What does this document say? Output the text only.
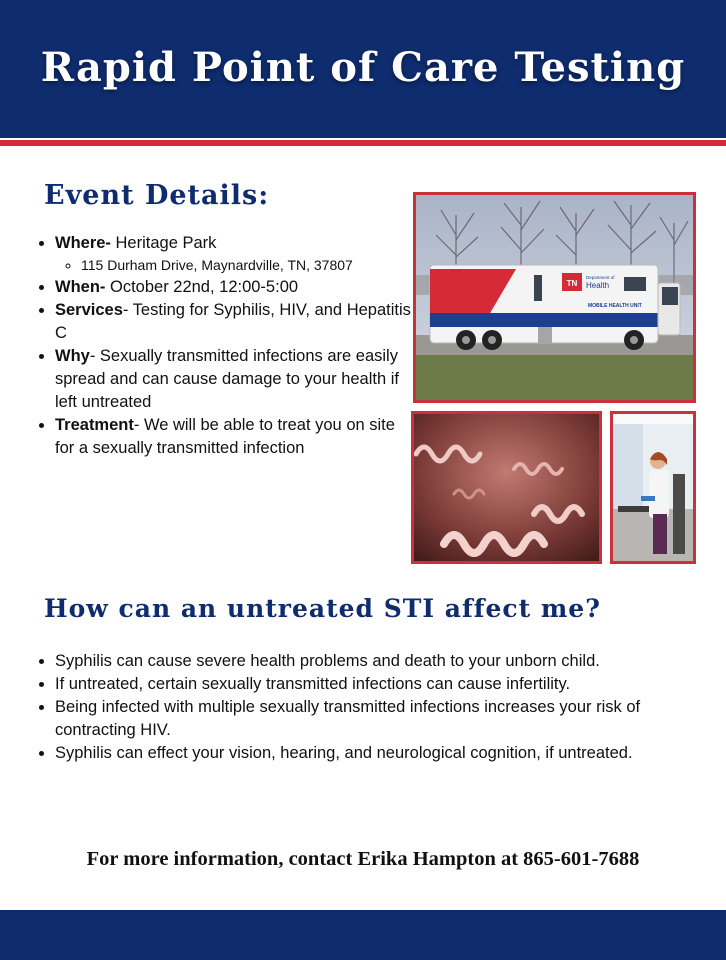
Rapid Point of Care Testing
Event Details:
• Where- Heritage Park
◦ 115 Durham Drive, Maynardville, TN, 37807
• When- October 22nd, 12:00-5:00
• Services- Testing for Syphilis, HIV, and Hepatitis C
• Why- Sexually transmitted infections are easily spread and can cause damage to your health if left untreated
• Treatment- We will be able to treat you on site for a sexually transmitted infection
TN
Department of
Health
MOBILE HEALTH UNIT
How can an untreated STI affect me?
• Syphilis can cause severe health problems and death to your unborn child.
• If untreated, certain sexually transmitted infections can cause infertility.
• Being infected with multiple sexually transmitted infections increases your risk of contracting HIV.
• Syphilis can effect your vision, hearing, and neurological cognition, if untreated.
For more information, contact Erika Hampton at 865-601-7688
